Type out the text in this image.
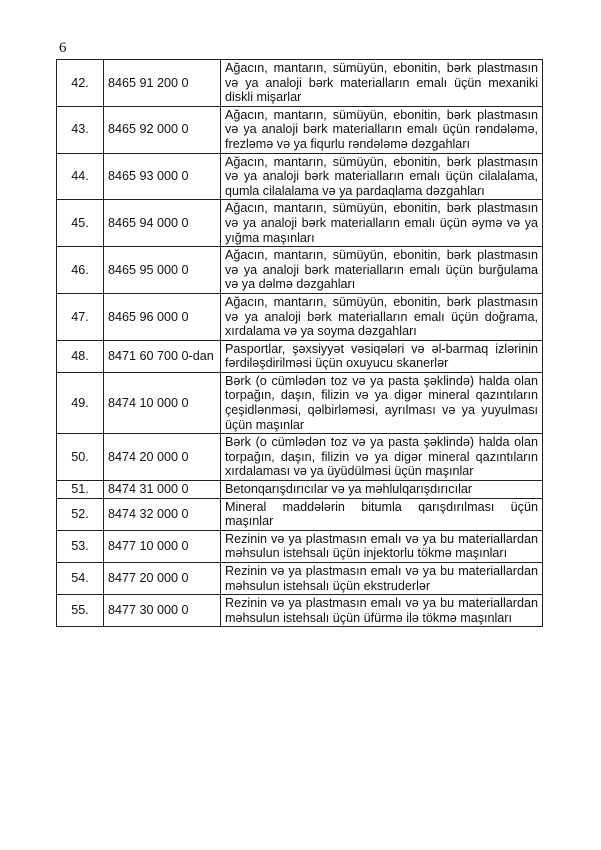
6
42.	8465 91 200 0	Ağacın, mantarın, sümüyün, ebonitin, bərk plastmasın və ya analoji bərk materialların emalı üçün mexaniki diskli mişarlar
43.	8465 92 000 0	Ağacın, mantarın, sümüyün, ebonitin, bərk plastmasın və ya analoji bərk materialların emalı üçün rəndələmə, frezləmə və ya fiqurlu rəndələmə dəzgahları
44.	8465 93 000 0	Ağacın, mantarın, sümüyün, ebonitin, bərk plastmasın və ya analoji bərk materialların emalı üçün cilalalama, qumla cilalalama və ya pardaqlama dəzgahları
45.	8465 94 000 0	Ağacın, mantarın, sümüyün, ebonitin, bərk plastmasın və ya analoji bərk materialların emalı üçün əymə və ya yığma maşınları
46.	8465 95 000 0	Ağacın, mantarın, sümüyün, ebonitin, bərk plastmasın və ya analoji bərk materialların emalı üçün burğulama və ya dəlmə dəzgahları
47.	8465 96 000 0	Ağacın, mantarın, sümüyün, ebonitin, bərk plastmasın və ya analoji bərk materialların emalı üçün doğrama, xırdalama və ya soyma dəzgahları
48.	8471 60 700 0-dan	Pasportlar, şəxsiyyət vəsiqələri və əl-barmaq izlərinin fərdiləşdirilməsi üçün oxuyucu skanerlər
49.	8474 10 000 0	Bərk (o cümlədən toz və ya pasta şəklində) halda olan torpağın, daşın, filizin və ya digər mineral qazıntıların çeşidlənməsi, qəlbirləməsi, ayrılması və ya yuyulması üçün maşınlar
50.	8474 20 000 0	Bərk (o cümlədən toz və ya pasta şəklində) halda olan torpağın, daşın, filizin və ya digər mineral qazıntıların xırdalaması və ya üyüdülməsi üçün maşınlar
51.	8474 31 000 0	Betonqarışdırıcılar və ya məhlulqarışdırıcılar
52.	8474 32 000 0	Mineral maddələrin bitumla qarışdırılması üçün maşınlar
53.	8477 10 000 0	Rezinin və ya plastmasın emalı və ya bu materiallardan məhsulun istehsalı üçün injektorlu tökmə maşınları
54.	8477 20 000 0	Rezinin və ya plastmasın emalı və ya bu materiallardan məhsulun istehsalı üçün ekstruderlər
55.	8477 30 000 0	Rezinin və ya plastmasın emalı və ya bu materiallardan məhsulun istehsalı üçün üfürmə ilə tökmə maşınları
